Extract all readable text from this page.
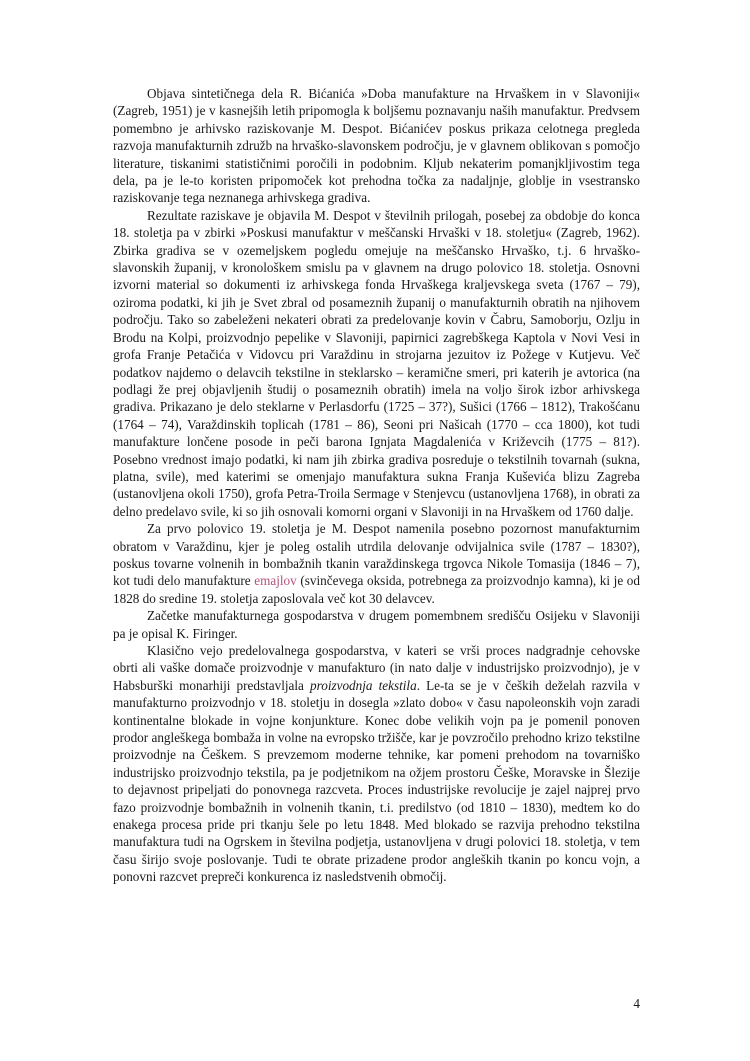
Objava sintetičnega dela R. Bićanića »Doba manufakture na Hrvaškem in v Slavoniji« (Zagreb, 1951) je v kasnejših letih pripomogla k boljšemu poznavanju naših manufaktur. Predvsem pomembno je arhivsko raziskovanje M. Despot. Bićanićev poskus prikaza celotnega pregleda razvoja manufakturnih združb na hrvaško-slavonskem področju, je v glavnem oblikovan s pomočjo literature, tiskanimi statističnimi poročili in podobnim. Kljub nekaterim pomanjkljivostim tega dela, pa je le-to koristen pripomoček kot prehodna točka za nadaljnje, globlje in vsestransko raziskovanje tega neznanega arhivskega gradiva.

Rezultate raziskave je objavila M. Despot v številnih prilogah, posebej za obdobje do konca 18. stoletja pa v zbirki »Poskusi manufaktur v meščanski Hrvaški v 18. stoletju« (Zagreb, 1962). Zbirka gradiva se v ozemeljskem pogledu omejuje na meščansko Hrvaško, t.j. 6 hrvaško-slavonskih županij, v kronološkem smislu pa v glavnem na drugo polovico 18. stoletja. Osnovni izvorni material so dokumenti iz arhivskega fonda Hrvaškega kraljevskega sveta (1767 – 79), oziroma podatki, ki jih je Svet zbral od posameznih županij o manufakturnih obratih na njihovem področju. Tako so zabeleženi nekateri obrati za predelovanje kovin v Čabru, Samoborju, Ozlju in Brodu na Kolpi, proizvodnjo pepelike v Slavoniji, papirnici zagrebškega Kaptola v Novi Vesi in grofa Franje Petačića v Vidovcu pri Varaždinu in strojarna jezuitov iz Požege v Kutjevu. Več podatkov najdemo o delavcih tekstilne in steklarsko – keramične smeri, pri katerih je avtorica (na podlagi že prej objavljenih študij o posameznih obratih) imela na voljo širok izbor arhivskega gradiva. Prikazano je delo steklarne v Perlasdorfu (1725 – 37?), Sušici (1766 – 1812), Trakošćanu (1764 – 74), Varaždinskih toplicah (1781 – 86), Seoni pri Našicah (1770 – cca 1800), kot tudi manufakture lončene posode in peči barona Ignjata Magdalenića v Križevcih (1775 – 81?). Posebno vrednost imajo podatki, ki nam jih zbirka gradiva posreduje o tekstilnih tovarnah (sukna, platna, svile), med katerimi se omenjajo manufaktura sukna Franja Kuševića blizu Zagreba (ustanovljena okoli 1750), grofa Petra-Troila Sermage v Stenjevcu (ustanovljena 1768), in obrati za delno predelavo svile, ki so jih osnovali komorni organi v Slavoniji in na Hrvaškem od 1760 dalje.

Za prvo polovico 19. stoletja je M. Despot namenila posebno pozornost manufakturnim obratom v Varaždinu, kjer je poleg ostalih utrdila delovanje odvijalnica svile (1787 – 1830?), poskus tovarne volnenih in bombažnih tkanin varaždinskega trgovca Nikole Tomasija (1846 – 7), kot tudi delo manufakture emajlov (svinčevega oksida, potrebnega za proizvodnjo kamna), ki je od 1828 do sredine 19. stoletja zaposlovala več kot 30 delavcev.

Začetke manufakturnega gospodarstva v drugem pomembnem središču Osijeku v Slavoniji pa je opisal K. Firinger.

Klasično vejo predelovalnega gospodarstva, v kateri se vrši proces nadgradnje cehovske obrti ali vaške domače proizvodnje v manufakturo (in nato dalje v industrijsko proizvodnjo), je v Habsburški monarhiji predstavljala proizvodnja tekstila. Le-ta se je v čeških deželah razvila v manufakturno proizvodnjo v 18. stoletju in dosegla »zlato dobo« v času napoleonskih vojn zaradi kontinentalne blokade in vojne konjunkture. Konec dobe velikih vojn pa je pomenil ponoven prodor angleškega bombaža in volne na evropsko tržišče, kar je povzročilo prehodno krizo tekstilne proizvodnje na Češkem. S prevzemom moderne tehnike, kar pomeni prehodom na tovarniško industrijsko proizvodnjo tekstila, pa je podjetnikom na ožjem prostoru Češke, Moravske in Šlezije to dejavnost pripeljati do ponovnega razcveta. Proces industrijske revolucije je zajel najprej prvo fazo proizvodnje bombažnih in volnenih tkanin, t.i. predilstvo (od 1810 – 1830), medtem ko do enakega procesa pride pri tkanju šele po letu 1848. Med blokado se razvija prehodno tekstilna manufaktura tudi na Ogrskem in številna podjetja, ustanovljena v drugi polovici 18. stoletja, v tem času širijo svoje poslovanje. Tudi te obrate prizadene prodor angleških tkanin po koncu vojn, a ponovni razcvet prepreči konkurenca iz nasledstvenih območij.

4
